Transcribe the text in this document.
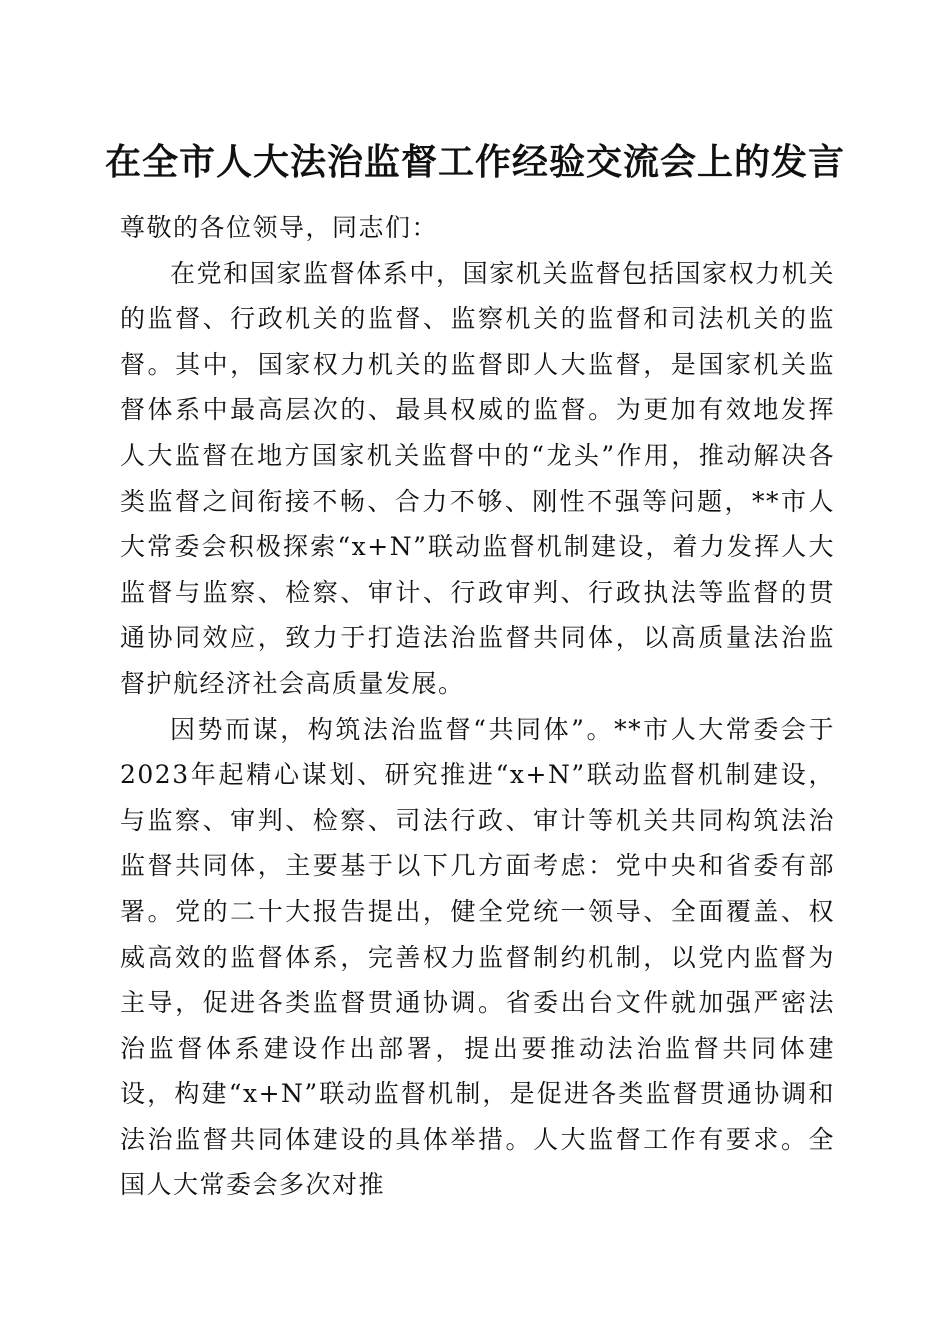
在全市人大法治监督工作经验交流会上的发言

尊敬的各位领导，同志们：

在党和国家监督体系中，国家机关监督包括国家权力机关的监督、行政机关的监督、监察机关的监督和司法机关的监督。其中，国家权力机关的监督即人大监督，是国家机关监督体系中最高层次的、最具权威的监督。为更加有效地发挥人大监督在地方国家机关监督中的“龙头”作用，推动解决各类监督之间衔接不畅、合力不够、刚性不强等问题，**市人大常委会积极探索“x+N”联动监督机制建设，着力发挥人大监督与监察、检察、审计、行政审判、行政执法等监督的贯通协同效应，致力于打造法治监督共同体，以高质量法治监督护航经济社会高质量发展。

因势而谋，构筑法治监督“共同体”。**市人大常委会于2023年起精心谋划、研究推进“x+N”联动监督机制建设，与监察、审判、检察、司法行政、审计等机关共同构筑法治监督共同体，主要基于以下几方面考虑：党中央和省委有部署。党的二十大报告提出，健全党统一领导、全面覆盖、权威高效的监督体系，完善权力监督制约机制，以党内监督为主导，促进各类监督贯通协调。省委出台文件就加强严密法治监督体系建设作出部署，提出要推动法治监督共同体建设，构建“x+N”联动监督机制，是促进各类监督贯通协调和法治监督共同体建设的具体举措。人大监督工作有要求。全国人大常委会多次对推
